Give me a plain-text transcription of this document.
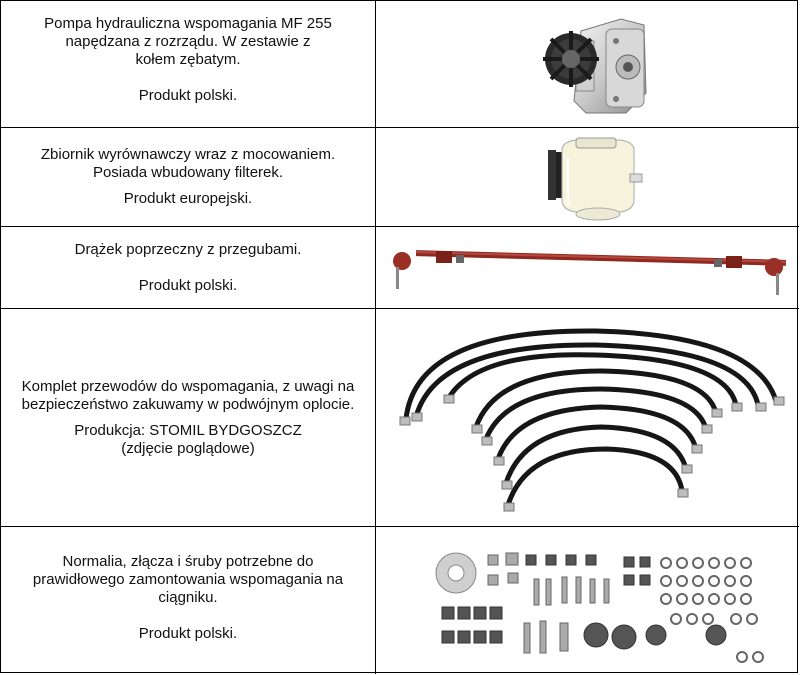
Pompa hydrauliczna wspomagania MF 255
napędzana z rozrządu. W zestawie z
kołem zębatym.

Produkt polski.

Zbiornik wyrównawczy wraz z mocowaniem.
Posiada wbudowany filterek.

Produkt europejski.

Drążek poprzeczny z przegubami.

Produkt polski.

Komplet przewodów do wspomagania, z uwagi na
bezpieczeństwo zakuwamy w podwójnym oplocie.

Produkcja: STOMIL BYDGOSZCZ
(zdjęcie poglądowe)

Normalia, złącza i śruby potrzebne do
prawidłowego zamontowania wspomagania na
ciągniku.

Produkt polski.
